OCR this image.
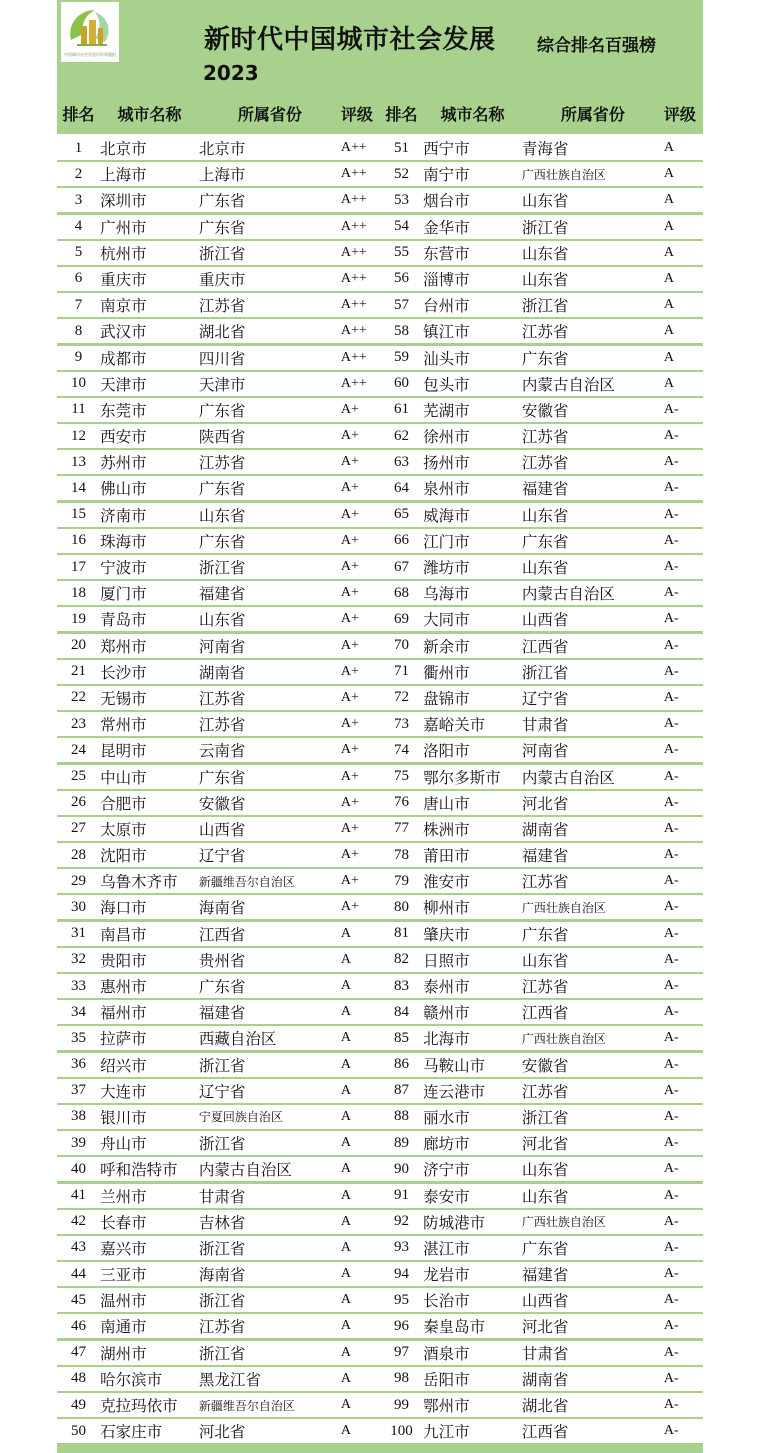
中国城市社会发展评价课题组	新时代中国城市社会发展 综合排名百强榜
2023
排名	城市名称	所属省份	评级 排名	城市名称	所属省份	评级
1	北京市	北京市	A++	51 西宁市	青海省	A
2	上海市	上海市	A++	52 南宁市	广西壮族自治区	A
3	深圳市	广东省	A++	53 烟台市	山东省	A
4	广州市	广东省	A++	54 金华市	浙江省	A
5	杭州市	浙江省	A++	55 东营市	山东省	A
6	重庆市	重庆市	A++	56 淄博市	山东省	A
7	南京市	江苏省	A++	57 台州市	浙江省	A
8	武汉市	湖北省	A++	58 镇江市	江苏省	A
9	成都市	四川省	A++	59 汕头市	广东省	A
10 天津市	天津市	A++	60 包头市	内蒙古自治区	A
11 东莞市	广东省	A+	61 芜湖市	安徽省	A-
12 西安市	陕西省	A+	62 徐州市	江苏省	A-
13 苏州市	江苏省	A+	63 扬州市	江苏省	A-
14 佛山市	广东省	A+	64 泉州市	福建省	A-
15 济南市	山东省	A+	65 威海市	山东省	A-
16 珠海市	广东省	A+	66 江门市	广东省	A-
17 宁波市	浙江省	A+	67 潍坊市	山东省	A-
18 厦门市	福建省	A+	68 乌海市	内蒙古自治区	A-
19 青岛市	山东省	A+	69 大同市	山西省	A-
20 郑州市	河南省	A+	70 新余市	江西省	A-
21 长沙市	湖南省	A+	71 衢州市	浙江省	A-
22 无锡市	江苏省	A+	72 盘锦市	辽宁省	A-
23 常州市	江苏省	A+	73 嘉峪关市	甘肃省	A-
24 昆明市	云南省	A+	74 洛阳市	河南省	A-
25 中山市	广东省	A+	75 鄂尔多斯市	内蒙古自治区	A-
26 合肥市	安徽省	A+	76 唐山市	河北省	A-
27 太原市	山西省	A+	77 株洲市	湖南省	A-
28 沈阳市	辽宁省	A+	78 莆田市	福建省	A-
29 乌鲁木齐市	新疆维吾尔自治区	A+	79 淮安市	江苏省	A-
30 海口市	海南省	A+	80 柳州市	广西壮族自治区	A-
31 南昌市	江西省	A	81 肇庆市	广东省	A-
32 贵阳市	贵州省	A	82 日照市	山东省	A-
33 惠州市	广东省	A	83 泰州市	江苏省	A-
34 福州市	福建省	A	84 赣州市	江西省	A-
35 拉萨市	西藏自治区	A	85 北海市	广西壮族自治区	A-
36 绍兴市	浙江省	A	86 马鞍山市	安徽省	A-
37 大连市	辽宁省	A	87 连云港市	江苏省	A-
38 银川市	宁夏回族自治区	A	88 丽水市	浙江省	A-
39 舟山市	浙江省	A	89 廊坊市	河北省	A-
40 呼和浩特市	内蒙古自治区	A	90 济宁市	山东省	A-
41 兰州市	甘肃省	A	91 泰安市	山东省	A-
42 长春市	吉林省	A	92 防城港市	广西壮族自治区	A-
43 嘉兴市	浙江省	A	93 湛江市	广东省	A-
44 三亚市	海南省	A	94 龙岩市	福建省	A-
45 温州市	浙江省	A	95 长治市	山西省	A-
46 南通市	江苏省	A	96 秦皇岛市	河北省	A-
47 湖州市	浙江省	A	97 酒泉市	甘肃省	A-
48 哈尔滨市	黑龙江省	A	98 岳阳市	湖南省	A-
49 克拉玛依市	新疆维吾尔自治区	A	99 鄂州市	湖北省	A-
50 石家庄市	河北省	A	100 九江市	江西省	A-
